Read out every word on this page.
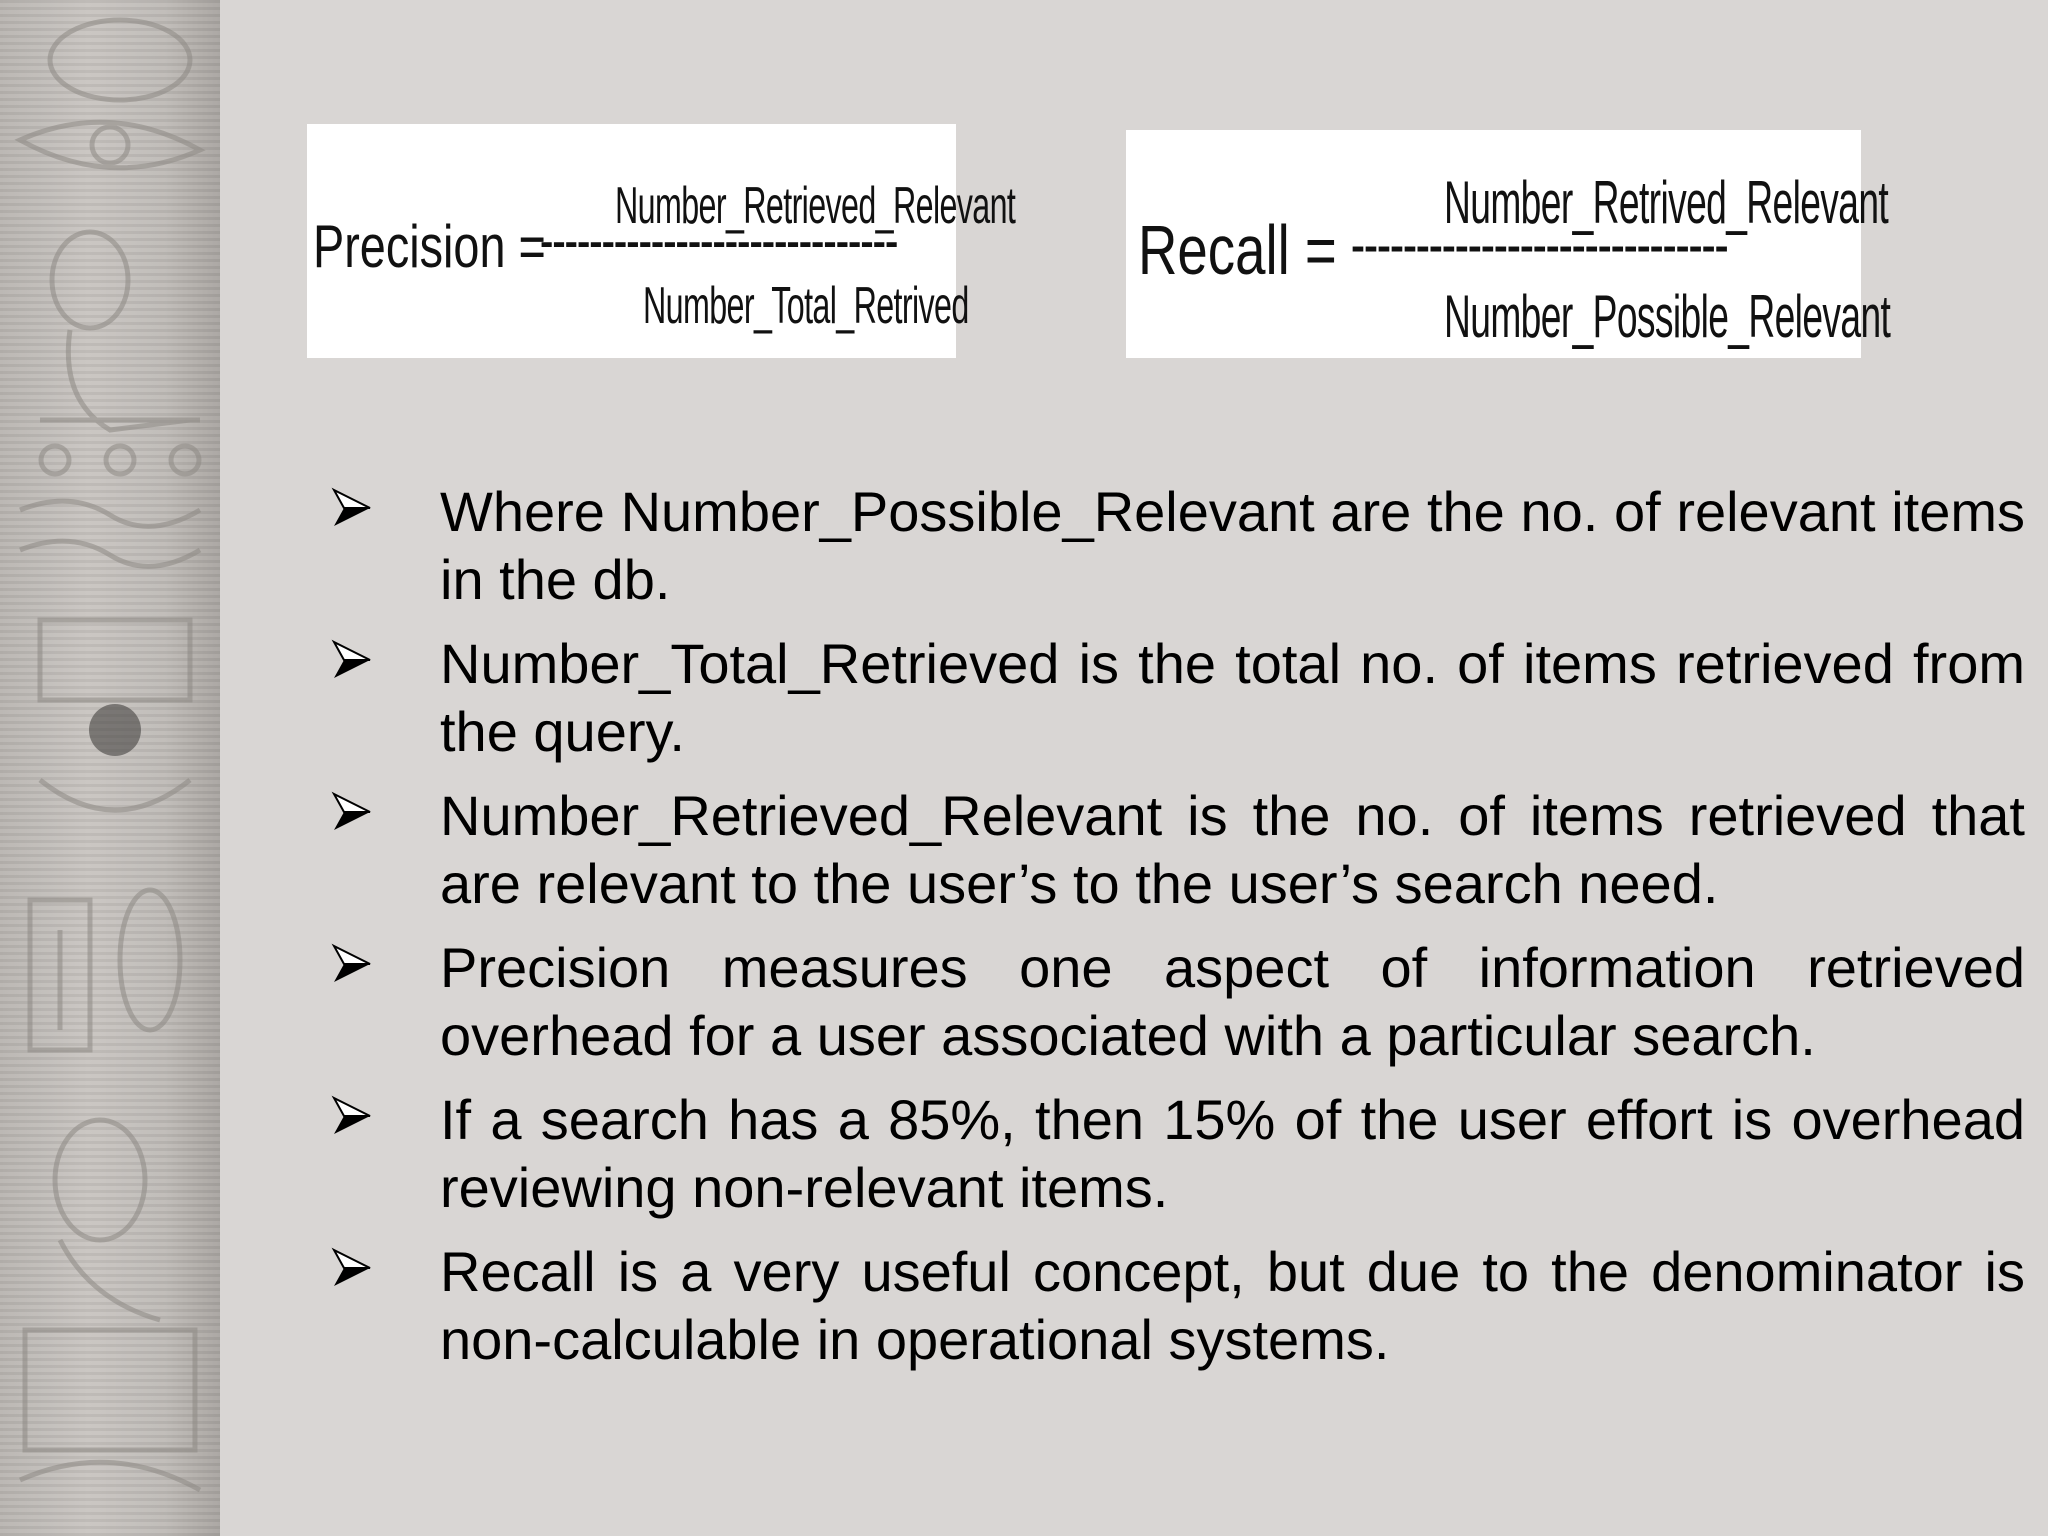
Precision =
-----------------------------
Number_Retrieved_Relevant
Number_Total_Retrived
Recall = -----------------------------
Number_Retrived_Relevant
Number_Possible_Relevant
Where Number_Possible_Relevant are the no. of relevant items in the db.
Number_Total_Retrieved is the total no. of items retrieved from the query.
Number_Retrieved_Relevant is the no. of items retrieved that are relevant to the user’s to the user’s search need.
Precision measures one aspect of information retrieved overhead for a user associated with a particular search.
If a search has a 85%, then 15% of the user effort is overhead reviewing non-relevant items.
Recall is a very useful concept, but due to the denominator is non-calculable in operational systems.
